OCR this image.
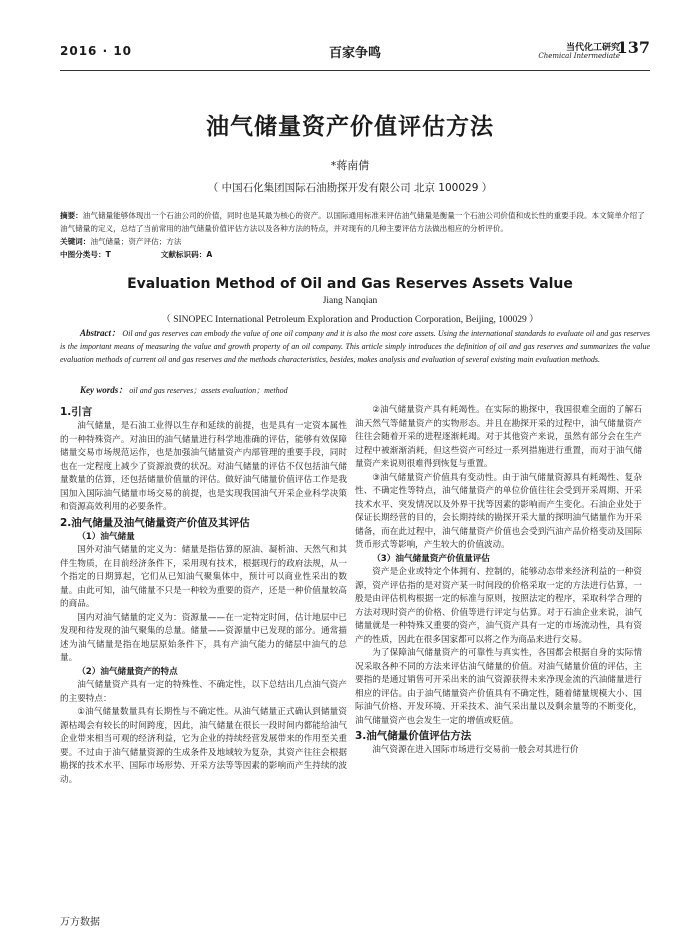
2016 · 10	百家争鸣	当代化工研究
Chemical Intermediate
137
油气储量资产价值评估方法
*蒋南倩
（ 中国石化集团国际石油勘探开发有限公司 北京 100029 ）

摘要：油气储量能够体现出一个石油公司的价值，同时也是其最为核心的资产。以国际通用标准来评估油气储量是衡量一个石油公司价值和成长性的重要手段。本文简单介绍了油气储量的定义，总结了当前常用的油气储量价值评估方法以及各种方法的特点，并对现有的几种主要评估方法做出相应的分析评价。

关键词：油气储量；资产评估；方法

中图分类号：T	文献标识码：A

Evaluation Method of Oil and Gas Reserves Assets Value
Jiang Nanqian
（ SINOPEC International Petroleum Exploration and Production Corporation, Beijing, 100029 ）
Abstract： Oil and gas reserves can embody the value of one oil company and it is also the most core assets. Using the international standards to evaluate oil and gas reserves is the important means of measuring the value and growth property of an oil company. This article simply introduces the definition of oil and gas reserves and summarizes the value evaluation methods of current oil and gas reserves and the methods characteristics, besides, makes analysis and evaluation of several existing main evaluation methods.
Key words： oil and gas reserves；assets evaluation；method
1.引言

油气储量，是石油工业得以生存和延续的前提，也是具有一定资本属性的一种特殊资产。对油田的油气储量进行科学地准确的评估，能够有效保障储量交易市场规范运作，也是加强油气储量资产内部管理的重要手段，同时也在一定程度上减少了资源浪费的状况。对油气储量的评估不仅包括油气储量数量的估算，还包括储量价值量的评估。做好油气储量价值评估工作是我国加入国际油气储量市场交易的前提，也是实现我国油气开采企业科学决策和资源高效利用的必要条件。

2.油气储量及油气储量资产价值及其评估
（1）油气储量

国外对油气储量的定义为：储量是指估算的原油、凝析油、天然气和其伴生物质，在目前经济条件下，采用现有技术，根据现行的政府法规，从一个指定的日期算起，它们从已知油气聚集体中，预计可以商业性采出的数量。由此可知，油气储量不只是一种较为重要的资产，还是一种价值量较高的商品。

国内对油气储量的定义为：资源量——在一定特定时间，估计地层中已发现和待发现的油气聚集的总量。储量——资源量中已发现的部分。通常描述为油气储量是指在地层原始条件下，具有产油气能力的储层中油气的总量。

（2）油气储量资产的特点

油气储量资产具有一定的特殊性、不确定性，以下总结出几点油气资产的主要特点：

①油气储量数量具有长期性与不确定性。从油气储量正式确认到储量资源枯竭会有较长的时间跨度，因此，油气储量在很长一段时间内都能给油气企业带来相当可观的经济利益，它为企业的持续经营发展带来的作用至关重要。不过由于油气储量资源的生成条件及地域较为复杂，其资产往往会根据勘探的技术水平、国际市场形势、开采方法等等因素的影响而产生持续的波动。

②油气储量资产具有耗竭性。在实际的勘探中，我国很难全面的了解石油天然气等储量资产的实物形态。并且在勘探开采的过程中，油气储量资产往往会随着开采的进程逐渐耗竭。对于其他资产来说，虽然有部分会在生产过程中被渐渐消耗，但这些资产可经过一系列措施进行重置，而对于油气储量资产来说则很难得到恢复与重置。

③油气储量资产价值具有变动性。由于油气储量资源具有耗竭性、复杂性、不确定性等特点，油气储量资产的单位价值往往会受到开采周期、开采技术水平、突发情况以及外界干扰等因素的影响而产生变化。石油企业处于保证长期经营的目的，会长期持续的勘探开采大量的探明油气储量作为开采储备，而在此过程中，油气储量资产价值也会受到汽油产品价格变动及国际货币形式等影响，产生较大的价值波动。

（3）油气储量资产价值量评估

资产是企业或特定个体拥有、控制的，能够动态带来经济利益的一种资源，资产评估指的是对资产某一时间段的价格采取一定的方法进行估算，一般是由评估机构根据一定的标准与原则，按照法定的程序，采取科学合理的方法对现时资产的价格、价值等进行评定与估算。对于石油企业来说，油气储量就是一种特殊又重要的资产，油气资产具有一定的市场流动性，具有资产的性质，因此在很多国家都可以将之作为商品来进行交易。

为了保障油气储量资产的可靠性与真实性，各国都会根据自身的实际情况采取各种不同的方法来评估油气储量的价值。对油气储量价值的评估，主要指的是通过销售可开采出来的油气资源获得未来净现金流的汽油储量进行相应的评估。由于油气储量资产价值具有不确定性，随着储量规模大小、国际油气价格、开发环境、开采技术、油气采出量以及剩余量等的不断变化，油气储量资产也会发生一定的增值或贬值。

3.油气储量价值评估方法

油气资源在进入国际市场进行交易前一般会对其进行价

万方数据
